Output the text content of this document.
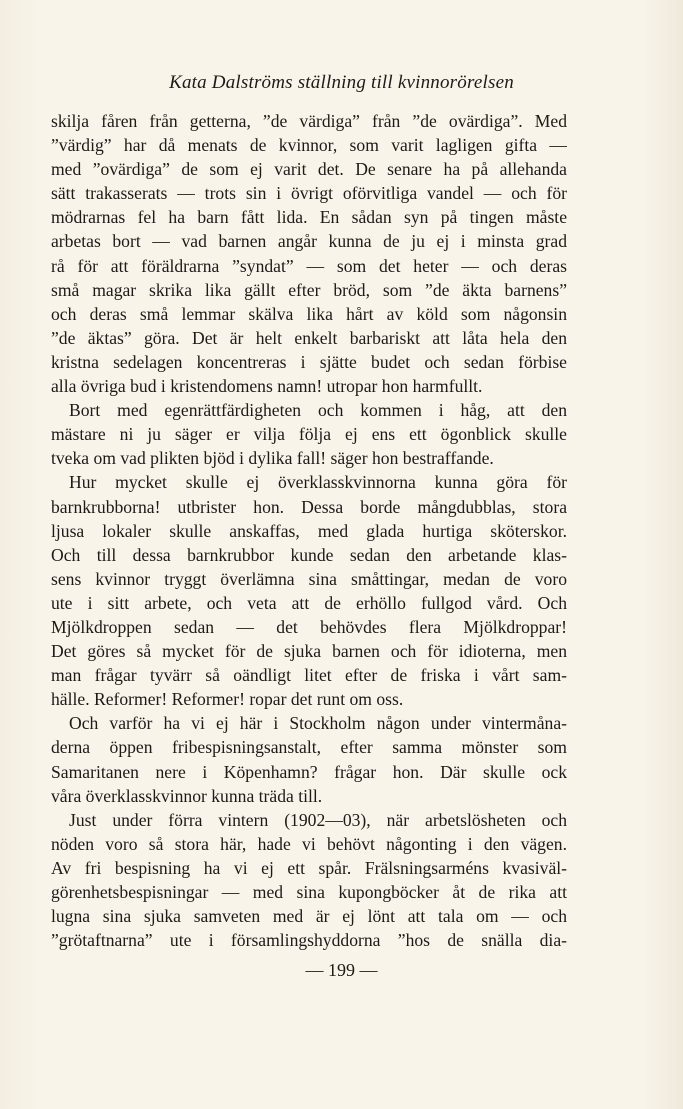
Kata Dalströms ställning till kvinnorörelsen
skilja fåren från getterna, ”de värdiga” från ”de ovärdiga”. Med
”värdig” har då menats de kvinnor, som varit lagligen gifta —
med ”ovärdiga” de som ej varit det. De senare ha på allehanda
sätt trakasserats — trots sin i övrigt oförvitliga vandel — och för
mödrarnas fel ha barn fått lida. En sådan syn på tingen måste
arbetas bort — vad barnen angår kunna de ju ej i minsta grad
rå för att föräldrarna ”syndat” — som det heter — och deras
små magar skrika lika gällt efter bröd, som ”de äkta barnens”
och deras små lemmar skälva lika hårt av köld som någonsin
”de äktas” göra. Det är helt enkelt barbariskt att låta hela den
kristna sedelagen koncentreras i sjätte budet och sedan förbise
alla övriga bud i kristendomens namn! utropar hon harmfullt.
Bort med egenrättfärdigheten och kommen i håg, att den
mästare ni ju säger er vilja följa ej ens ett ögonblick skulle
tveka om vad plikten bjöd i dylika fall! säger hon bestraffande.
Hur mycket skulle ej överklasskvinnorna kunna göra för
barnkrubborna! utbrister hon. Dessa borde mångdubblas, stora
ljusa lokaler skulle anskaffas, med glada hurtiga sköterskor.
Och till dessa barnkrubbor kunde sedan den arbetande klas-
sens kvinnor tryggt överlämna sina småttingar, medan de voro
ute i sitt arbete, och veta att de erhöllo fullgod vård. Och
Mjölkdroppen sedan — det behövdes flera Mjölkdroppar!
Det göres så mycket för de sjuka barnen och för idioterna, men
man frågar tyvärr så oändligt litet efter de friska i vårt sam-
hälle. Reformer! Reformer! ropar det runt om oss.
Och varför ha vi ej här i Stockholm någon under vintermåna-
derna öppen fribespisningsanstalt, efter samma mönster som
Samaritanen nere i Köpenhamn? frågar hon. Där skulle ock
våra överklasskvinnor kunna träda till.
Just under förra vintern (1902—03), när arbetslösheten och
nöden voro så stora här, hade vi behövt någonting i den vägen.
Av fri bespisning ha vi ej ett spår. Frälsningsarméns kvasiväl-
görenhetsbespisningar — med sina kupongböcker åt de rika att
lugna sina sjuka samveten med är ej lönt att tala om — och
”grötaftnarna” ute i församlingshyddorna ”hos de snälla dia-
— 199 —
